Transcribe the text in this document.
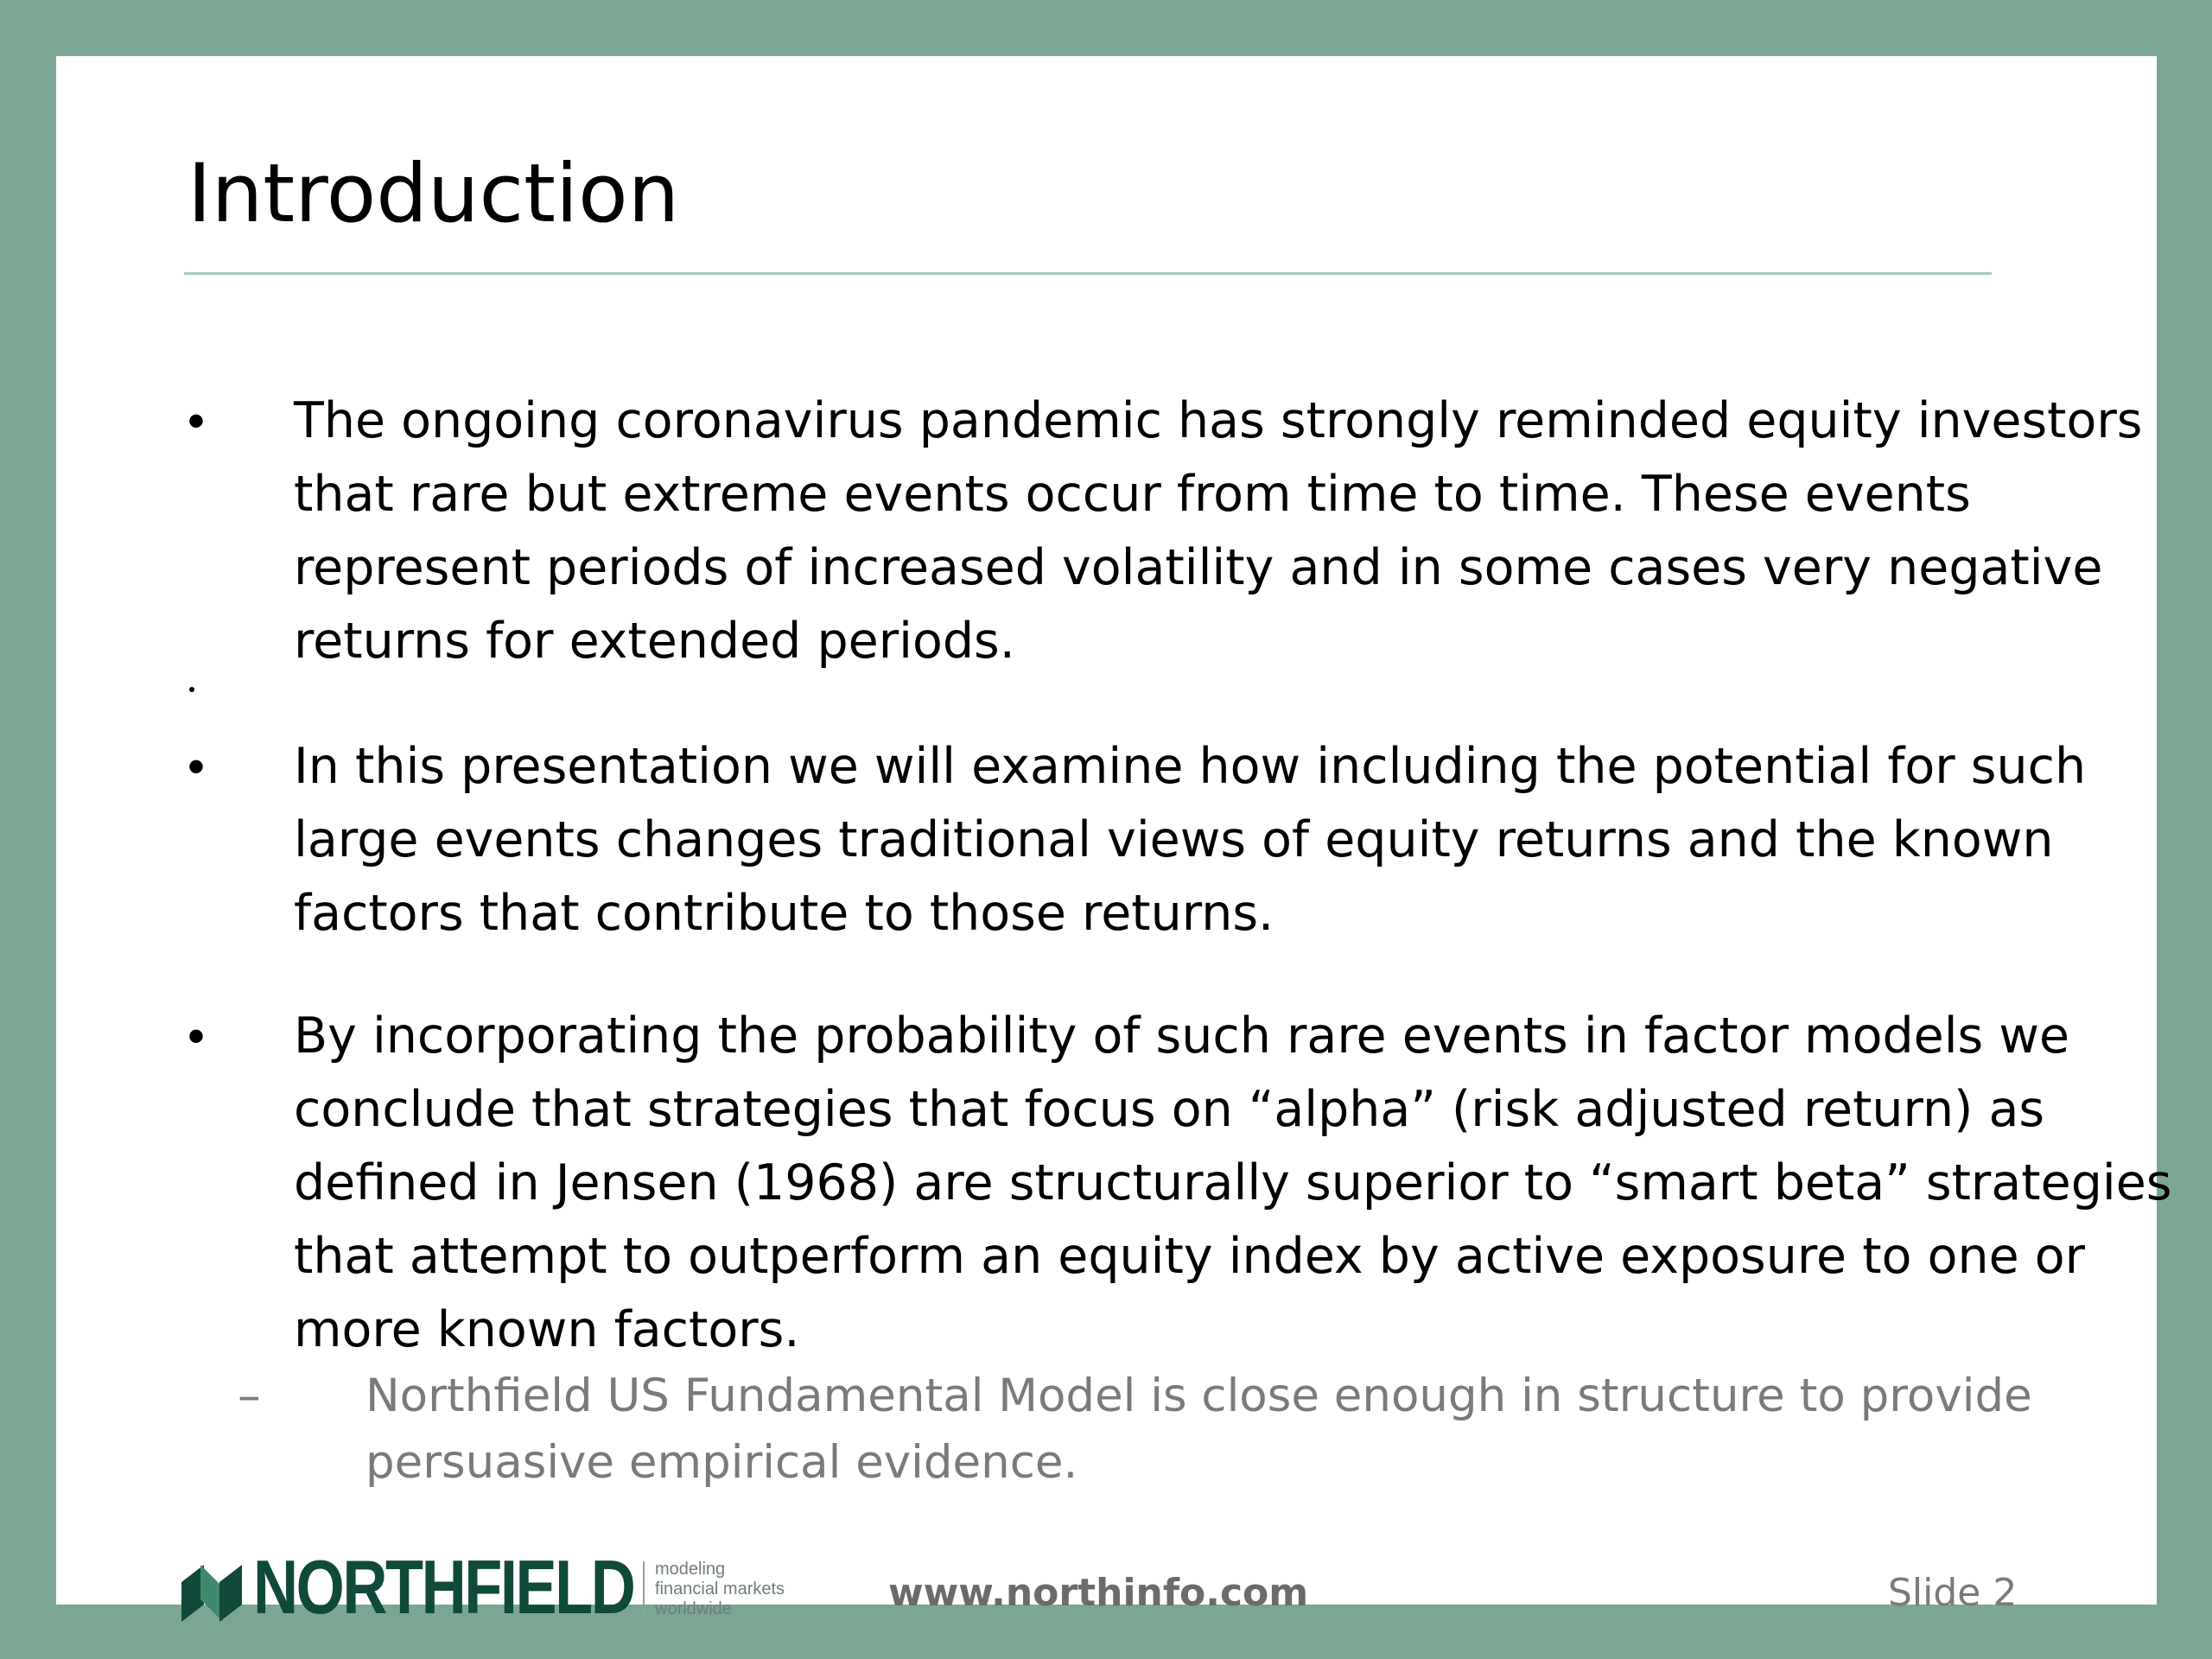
Introduction
•	The ongoing coronavirus pandemic has strongly reminded equity investors that rare but extreme events occur from time to time. These events represent periods of increased volatility and in some cases very negative returns for extended periods.
•	In this presentation we will examine how including the potential for such large events changes traditional views of equity returns and the known factors that contribute to those returns.
•	By incorporating the probability of such rare events in factor models we conclude that strategies that focus on “alpha” (risk adjusted return) as defined in Jensen (1968) are structurally superior to “smart beta” strategies that attempt to outperform an equity index by active exposure to one or more known factors.
– Northfield US Fundamental Model is close enough in structure to provide persuasive empirical evidence.
NORTHFIELD modeling
financial markets
worldwide	www.northinfo.com	Slide 2
